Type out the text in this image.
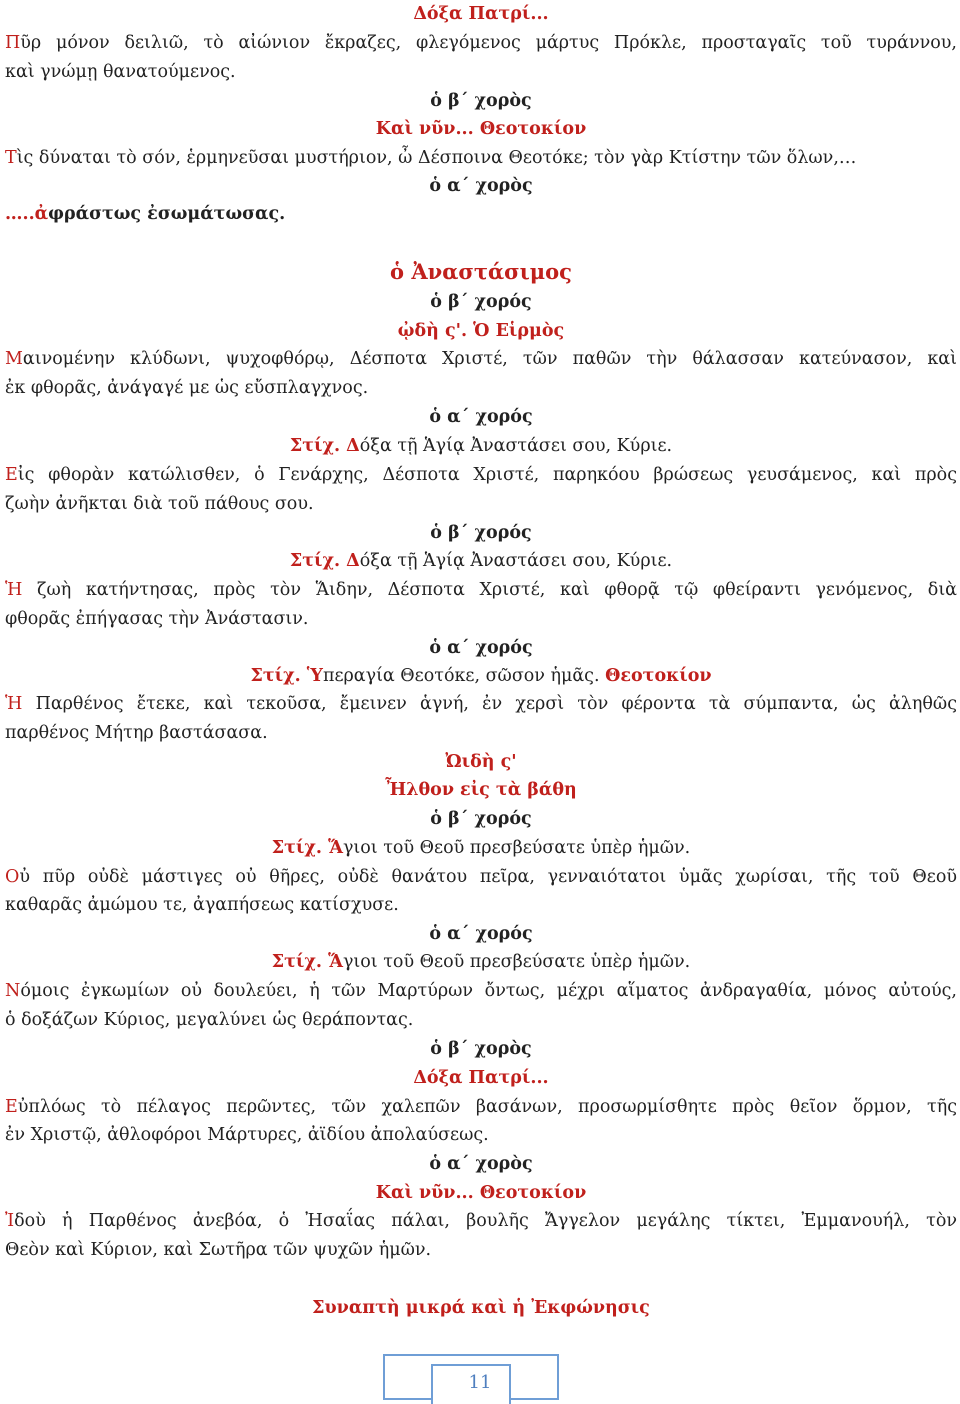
Δόξα Πατρί...
Πῦρ μόνον δειλιῶ, τὸ αἰώνιον ἔκραζες, φλεγόμενος μάρτυς Πρόκλε, προσταγαῖς τοῦ τυράννου,
καὶ γνώμῃ θανατούμενος.
ὁ β΄ χορὸς
Καὶ νῦν... Θεοτοκίον
Τὶς δύναται τὸ σόν, ἑρμηνεῦσαι μυστήριον, ὦ Δέσποινα Θεοτόκε; τὸν γὰρ Κτίστην τῶν ὅλων,…
ὁ α΄ χορὸς
…..ἀφράστως ἐσωμάτωσας.
ὁ Ἀναστάσιμος
ὁ β΄ χορός
ᾠδὴ ς'. Ὁ Εἱρμὸς
Μαινομένην κλύδωνι, ψυχοφθόρῳ, Δέσποτα Χριστέ, τῶν παθῶν τὴν θάλασσαν κατεύνασον, καὶ
ἐκ φθορᾶς, ἀνάγαγέ με ὡς εὔσπλαγχνος.
ὁ α΄ χορός
Στίχ. Δόξα τῇ Ἁγίᾳ Ἀναστάσει σου, Κύριε.
Εἰς φθορὰν κατώλισθεν, ὁ Γενάρχης, Δέσποτα Χριστέ, παρηκόου βρώσεως γευσάμενος, καὶ πρὸς
ζωὴν ἀνῆκται διὰ τοῦ πάθους σου.
ὁ β΄ χορός
Στίχ. Δόξα τῇ Ἁγίᾳ Ἀναστάσει σου, Κύριε.
Ἡ ζωὴ κατήντησας, πρὸς τὸν Ἅιδην, Δέσποτα Χριστέ, καὶ φθορᾷ τῷ φθείραντι γενόμενος, διὰ
φθορᾶς ἐπήγασας τὴν Ἀνάστασιν.
ὁ α΄ χορός
Στίχ. Ὑπεραγία Θεοτόκε, σῶσον ἡμᾶς. Θεοτοκίον
Ἡ Παρθένος ἔτεκε, καὶ τεκοῦσα, ἔμεινεν ἁγνή, ἐν χερσὶ τὸν φέροντα τὰ σύμπαντα, ὡς ἀληθῶς
παρθένος Μήτηρ βαστάσασα.
Ὠιδὴ ς'
Ἦλθον εἰς τὰ βάθη
ὁ β΄ χορός
Στίχ. Ἅγιοι τοῦ Θεοῦ πρεσβεύσατε ὑπὲρ ἡμῶν.
Οὐ πῦρ οὐδὲ μάστιγες οὐ θῆρες, οὐδὲ θανάτου πεῖρα, γενναιότατοι ὑμᾶς χωρίσαι, τῆς τοῦ Θεοῦ
καθαρᾶς ἀμώμου τε, ἀγαπήσεως κατίσχυσε.
ὁ α΄ χορός
Στίχ. Ἅγιοι τοῦ Θεοῦ πρεσβεύσατε ὑπὲρ ἡμῶν.
Νόμοις ἐγκωμίων οὐ δουλεύει, ἡ τῶν Μαρτύρων ὄντως, μέχρι αἵματος ἀνδραγαθία, μόνος αὐτούς,
ὁ δοξάζων Κύριος, μεγαλύνει ὡς θεράποντας.
ὁ β΄ χορὸς
Δόξα Πατρί...
Εὐπλόως τὸ πέλαγος περῶντες, τῶν χαλεπῶν βασάνων, προσωρμίσθητε πρὸς θεῖον ὅρμον, τῆς
ἐν Χριστῷ, ἀθλοφόροι Μάρτυρες, ἀϊδίου ἀπολαύσεως.
ὁ α΄ χορὸς
Καὶ νῦν... Θεοτοκίον
Ἰδοὺ ἡ Παρθένος ἀνεβόα, ὁ Ἠσαΐας πάλαι, βουλῆς Ἄγγελον μεγάλης τίκτει, Ἐμμανουήλ, τὸν
Θεὸν καὶ Κύριον, καὶ Σωτῆρα τῶν ψυχῶν ἡμῶν.
Συναπτὴ μικρά καὶ ἡ Ἐκφώνησις
11
